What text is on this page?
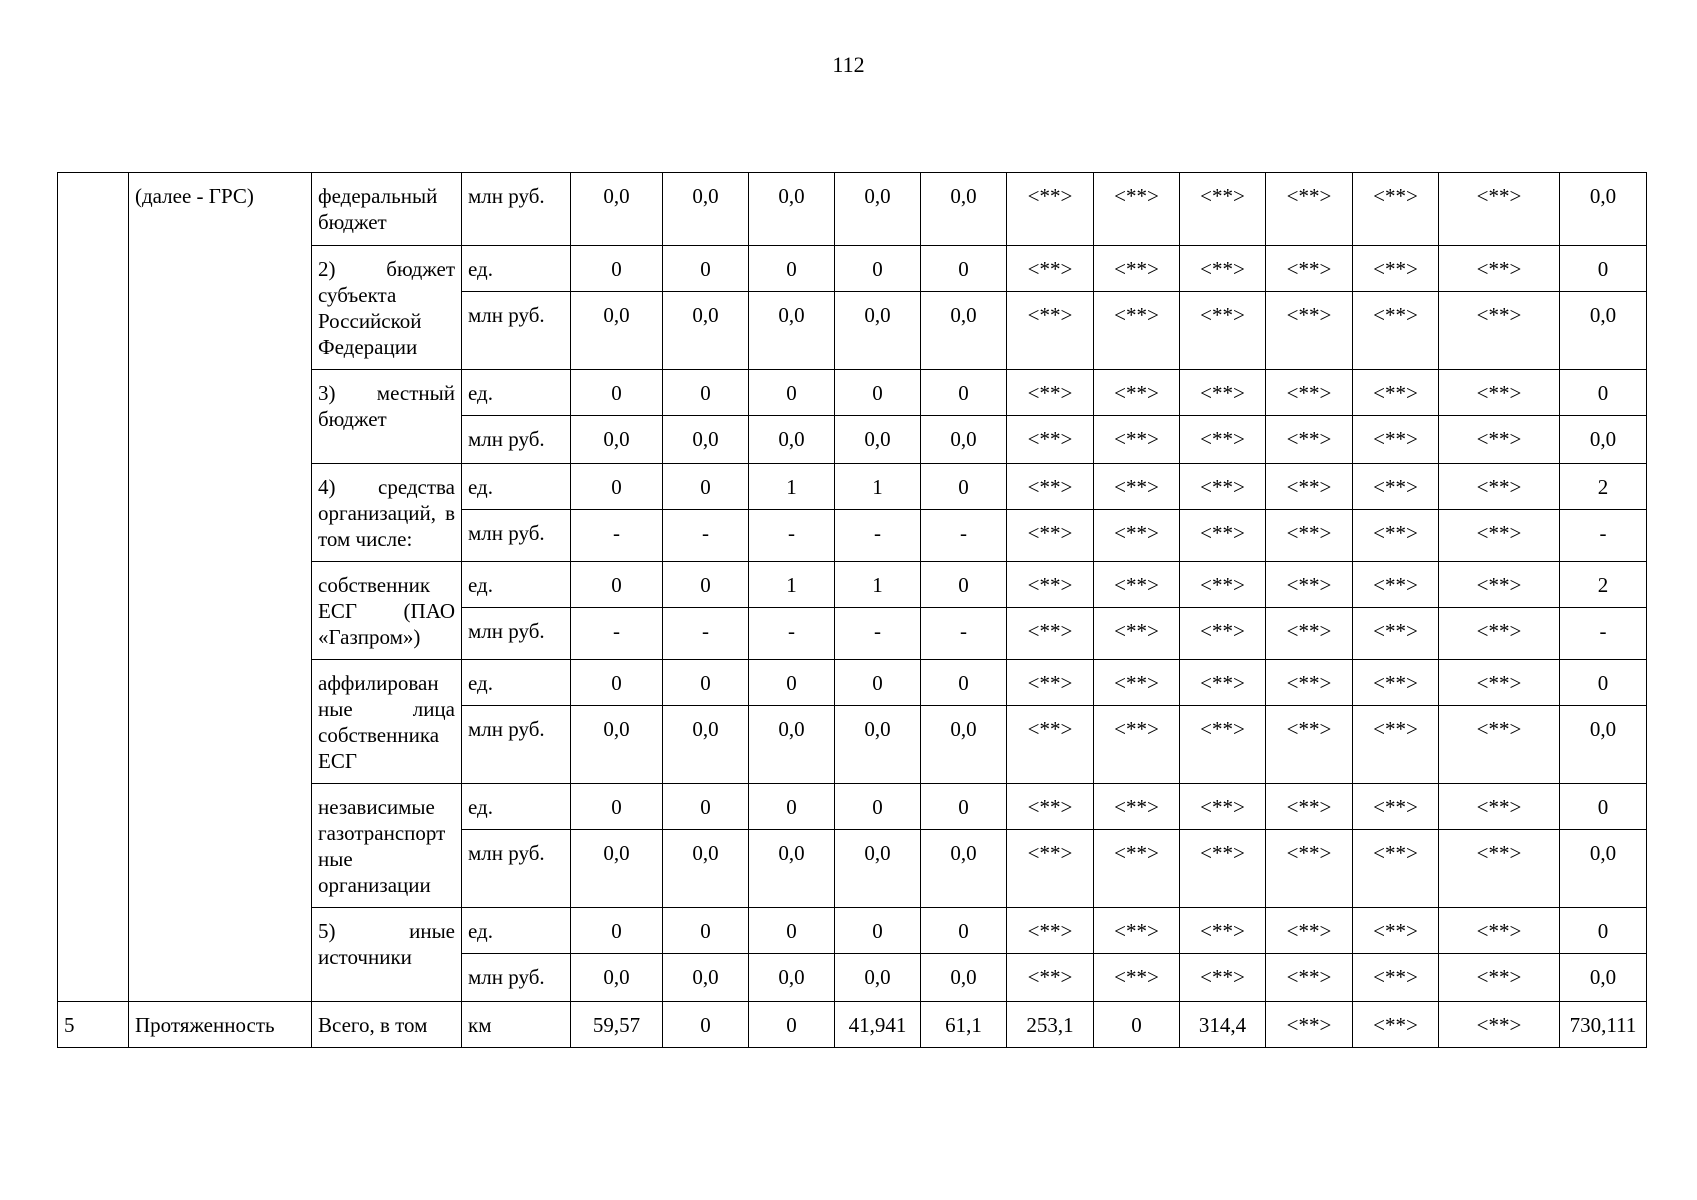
112
	(далее - ГРС)	федеральный бюджет	млн руб.	0,0	0,0	0,0	0,0	0,0	<**>	<**>	<**>	<**>	<**>	<**>	0,0
		2) бюджет субъекта Российской Федерации	ед.	0	0	0	0	0	<**>	<**>	<**>	<**>	<**>	<**>	0
			млн руб.	0,0	0,0	0,0	0,0	0,0	<**>	<**>	<**>	<**>	<**>	<**>	0,0
		3) местный бюджет	ед.	0	0	0	0	0	<**>	<**>	<**>	<**>	<**>	<**>	0
			млн руб.	0,0	0,0	0,0	0,0	0,0	<**>	<**>	<**>	<**>	<**>	<**>	0,0
		4) средства организаций, в том числе:	ед.	0	0	1	1	0	<**>	<**>	<**>	<**>	<**>	<**>	2
			млн руб.	-	-	-	-	-	<**>	<**>	<**>	<**>	<**>	<**>	-
		собственник ЕСГ (ПАО «Газпром»)	ед.	0	0	1	1	0	<**>	<**>	<**>	<**>	<**>	<**>	2
			млн руб.	-	-	-	-	-	<**>	<**>	<**>	<**>	<**>	<**>	-
		аффилирован ные лица собственника ЕСГ	ед.	0	0	0	0	0	<**>	<**>	<**>	<**>	<**>	<**>	0
			млн руб.	0,0	0,0	0,0	0,0	0,0	<**>	<**>	<**>	<**>	<**>	<**>	0,0
		независимые газотранспорт ные организации	ед.	0	0	0	0	0	<**>	<**>	<**>	<**>	<**>	<**>	0
			млн руб.	0,0	0,0	0,0	0,0	0,0	<**>	<**>	<**>	<**>	<**>	<**>	0,0
		5) иные источники	ед.	0	0	0	0	0	<**>	<**>	<**>	<**>	<**>	<**>	0
			млн руб.	0,0	0,0	0,0	0,0	0,0	<**>	<**>	<**>	<**>	<**>	<**>	0,0
5	Протяженность	Всего, в том	км	59,57	0	0	41,941	61,1	253,1	0	314,4	<**>	<**>	<**>	730,111
